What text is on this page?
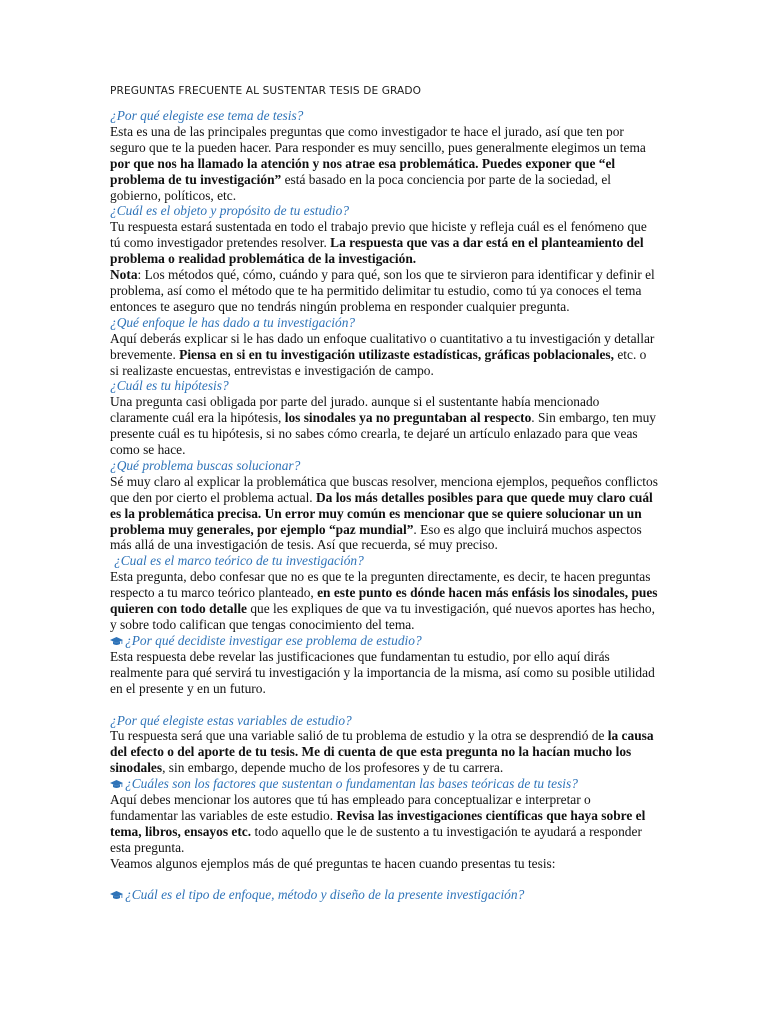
PREGUNTAS FRECUENTE AL SUSTENTAR TESIS DE GRADO
¿Por qué elegiste ese tema de tesis?
Esta es una de las principales preguntas que como investigador te hace el jurado, así que ten por seguro que te la pueden hacer. Para responder es muy sencillo, pues generalmente elegimos un tema por que nos ha llamado la atención y nos atrae esa problemática. Puedes exponer que “el problema de tu investigación” está basado en la poca conciencia por parte de la sociedad, el gobierno, políticos, etc.
¿Cuál es el objeto y propósito de tu estudio?
Tu respuesta estará sustentada en todo el trabajo previo que hiciste y refleja cuál es el fenómeno que tú como investigador pretendes resolver. La respuesta que vas a dar está en el planteamiento del problema o realidad problemática de la investigación.
Nota: Los métodos qué, cómo, cuándo y para qué, son los que te sirvieron para identificar y definir el problema, así como el método que te ha permitido delimitar tu estudio, como tú ya conoces el tema entonces te aseguro que no tendrás ningún problema en responder cualquier pregunta.
¿Qué enfoque le has dado a tu investigación?
Aquí deberás explicar si le has dado un enfoque cualitativo o cuantitativo a tu investigación y detallar brevemente. Piensa en si en tu investigación utilizaste estadísticas, gráficas poblacionales, etc. o si realizaste encuestas, entrevistas e investigación de campo.
¿Cuál es tu hipótesis?
Una pregunta casi obligada por parte del jurado. aunque si el sustentante había mencionado claramente cuál era la hipótesis, los sinodales ya no preguntaban al respecto. Sin embargo, ten muy presente cuál es tu hipótesis, si no sabes cómo crearla, te dejaré un artículo enlazado para que veas como se hace.
¿Qué problema buscas solucionar?
Sé muy claro al explicar la problemática que buscas resolver, menciona ejemplos, pequeños conflictos que den por cierto el problema actual. Da los más detalles posibles para que quede muy claro cuál es la problemática precisa. Un error muy común es mencionar que se quiere solucionar un un problema muy generales, por ejemplo “paz mundial”. Eso es algo que incluirá muchos aspectos más allá de una investigación de tesis. Así que recuerda, sé muy preciso.
¿Cual es el marco teórico de tu investigación?
Esta pregunta, debo confesar que no es que te la pregunten directamente, es decir, te hacen preguntas respecto a tu marco teórico planteado, en este punto es dónde hacen más enfásis los sinodales, pues quieren con todo detalle que les expliques de que va tu investigación, qué nuevos aportes has hecho, y sobre todo califican que tengas conocimiento del tema.
¿Por qué decidiste investigar ese problema de estudio?
Esta respuesta debe revelar las justificaciones que fundamentan tu estudio, por ello aquí dirás realmente para qué servirá tu investigación y la importancia de la misma, así como su posible utilidad en el presente y en un futuro.
¿Por qué elegiste estas variables de estudio?
Tu respuesta será que una variable salió de tu problema de estudio y la otra se desprendió de la causa del efecto o del aporte de tu tesis. Me di cuenta de que esta pregunta no la hacían mucho los sinodales, sin embargo, depende mucho de los profesores y de tu carrera.
¿Cuáles son los factores que sustentan o fundamentan las bases teóricas de tu tesis?
Aquí debes mencionar los autores que tú has empleado para conceptualizar e interpretar o fundamentar las variables de este estudio. Revisa las investigaciones científicas que haya sobre el tema, libros, ensayos etc. todo aquello que le de sustento a tu investigación te ayudará a responder esta pregunta.
Veamos algunos ejemplos más de qué preguntas te hacen cuando presentas tu tesis:
¿Cuál es el tipo de enfoque, método y diseño de la presente investigación?
